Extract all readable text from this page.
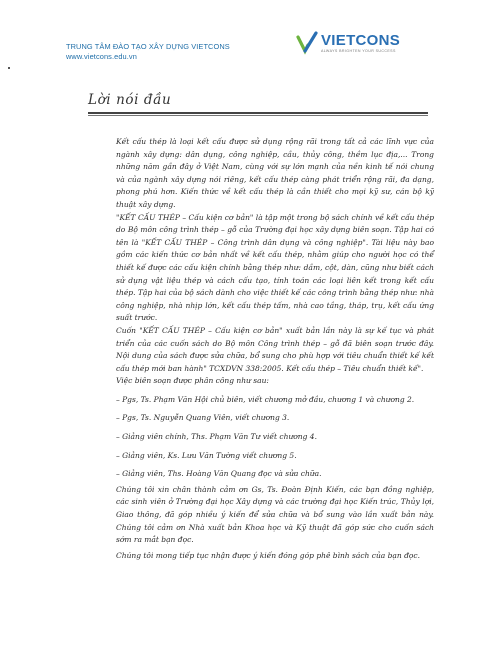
TRUNG TÂM ĐÀO TẠO XÂY DỰNG VIETCONS
www.vietcons.edu.vn
VIETCONS
ALWAYS BRIGHTEN YOUR SUCCESS
Lời nói đầu

Kết cấu thép là loại kết cấu được sử dụng rộng rãi trong tất cả các lĩnh vực của ngành xây dựng: dân dụng, công nghiệp, cầu, thủy công, thềm lục địa,... Trong những năm gần đây ở Việt Nam, cùng với sự lớn mạnh của nền kinh tế nói chung và của ngành xây dựng nói riêng, kết cấu thép càng phát triển rộng rãi, đa dạng, phong phú hơn. Kiến thức về kết cấu thép là cần thiết cho mọi kỹ sư, cán bộ kỹ thuật xây dựng.

"KẾT CẤU THÉP – Cấu kiện cơ bản" là tập một trong bộ sách chính về kết cấu thép do Bộ môn công trình thép – gỗ của Trường đại học xây dựng biên soạn. Tập hai có tên là "KẾT CẤU THÉP – Công trình dân dụng và công nghiệp". Tài liệu này bao gồm các kiến thức cơ bản nhất về kết cấu thép, nhằm giúp cho người học có thể thiết kế được các cấu kiện chính bằng thép như: dầm, cột, dàn, cũng như biết cách sử dụng vật liệu thép và cách cấu tạo, tính toán các loại liên kết trong kết cấu thép. Tập hai của bộ sách dành cho việc thiết kế các công trình bằng thép như: nhà công nghiệp, nhà nhịp lớn, kết cấu thép tấm, nhà cao tầng, tháp, trụ, kết cấu ứng suất trước.

Cuốn "KẾT CẤU THÉP – Cấu kiện cơ bản" xuất bản lần này là sự kế tục và phát triển của các cuốn sách do Bộ môn Công trình thép – gỗ đã biên soạn trước đây. Nội dung của sách được sửa chữa, bổ sung cho phù hợp với tiêu chuẩn thiết kế kết cấu thép mới ban hành" TCXDVN 338:2005. Kết cấu thép – Tiêu chuẩn thiết kế".

Việc biên soạn được phân công như sau:

– Pgs, Ts. Phạm Văn Hội chủ biên, viết chương mở đầu, chương 1 và chương 2.

– Pgs, Ts. Nguyễn Quang Viên, viết chương 3.

– Giảng viên chính, Ths. Phạm Văn Tư viết chương 4.

– Giảng viên, Ks. Lưu Văn Tường viết chương 5.

– Giảng viên, Ths. Hoàng Văn Quang đọc và sửa chữa.

Chúng tôi xin chân thành cảm ơn Gs, Ts. Đoàn Định Kiến, các bạn đồng nghiệp, các sinh viên ở Trường đại học Xây dựng và các trường đại học Kiến trúc, Thủy lợi, Giao thông, đã góp nhiều ý kiến để sửa chữa và bổ sung vào lần xuất bản này. Chúng tôi cảm ơn Nhà xuất bản Khoa học và Kỹ thuật đã góp sức cho cuốn sách sớm ra mắt bạn đọc.

Chúng tôi mong tiếp tục nhận được ý kiến đóng góp phê bình sách của bạn đọc.
